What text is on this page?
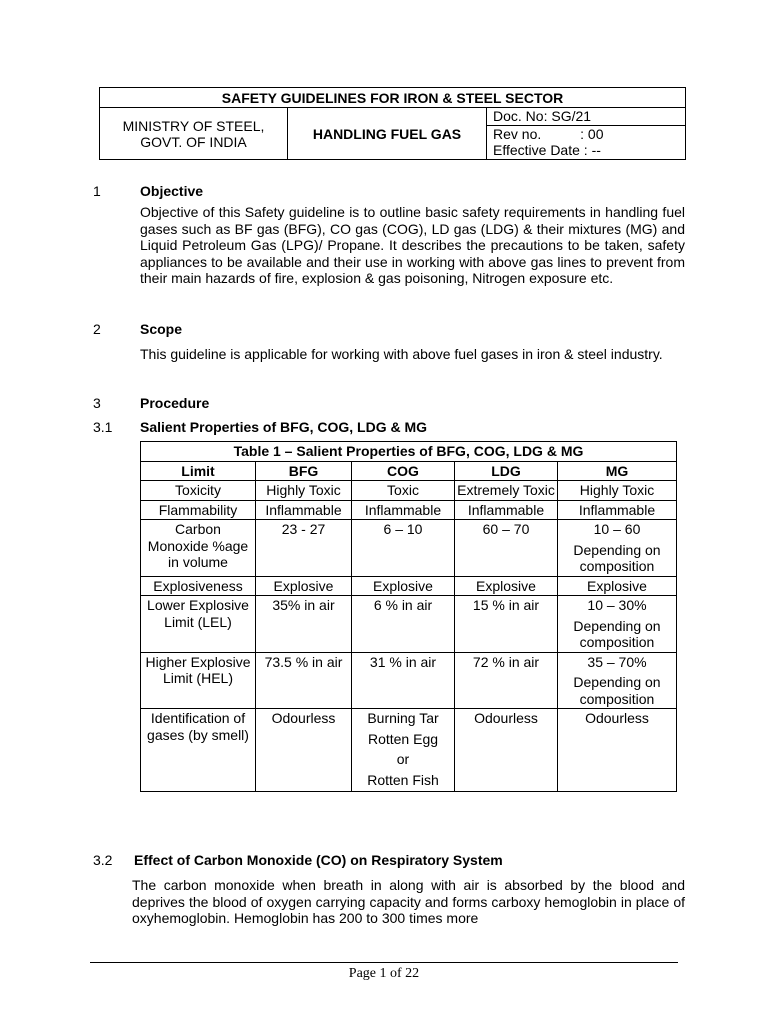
SAFETY GUIDELINES FOR IRON & STEEL SECTOR
MINISTRY OF STEEL,
GOVT. OF INDIA	HANDLING FUEL GAS	
Doc. No: SG/21
Rev no.          : 00
Effective Date : --
1	Objective
Objective of this Safety guideline is to outline basic safety requirements in handling fuel gases such as BF gas (BFG), CO gas (COG), LD gas (LDG) & their mixtures (MG) and Liquid Petroleum Gas (LPG)/ Propane. It describes the precautions to be taken, safety appliances to be available and their use in working with above gas lines to prevent from their main hazards of fire, explosion & gas poisoning, Nitrogen exposure etc.
2	Scope
This guideline is applicable for working with above fuel gases in iron & steel industry.
3	Procedure
3.1 Salient Properties of BFG, COG, LDG & MG
Table 1 – Salient Properties of BFG, COG, LDG & MG				
Limit	BFG	COG	LDG	MG
Toxicity	Highly Toxic	Toxic	Extremely Toxic	Highly Toxic
Flammability	Inflammable	Inflammable	Inflammable	Inflammable
Carbon Monoxide %age in volume	23 - 27	6 – 10	60 – 70	10 – 60
Depending on composition

Explosiveness	Explosive	Explosive	Explosive	Explosive
Lower Explosive Limit (LEL)	35% in air	6 % in air	15 % in air	10 – 30%
Depending on composition

Higher Explosive Limit (HEL)	73.5 % in air	31 % in air	72 % in air	35 – 70%
Depending on composition

Identification of gases (by smell)	Odourless	Burning Tar
Rotten Egg
or
Rotten Fish	Odourless	Odourless
3.2 Effect of Carbon Monoxide (CO) on Respiratory System
The carbon monoxide when breath in along with air is absorbed by the blood and deprives the blood of oxygen carrying capacity and forms carboxy hemoglobin in place of oxyhemoglobin. Hemoglobin has 200 to 300 times more
Page 1 of 22
